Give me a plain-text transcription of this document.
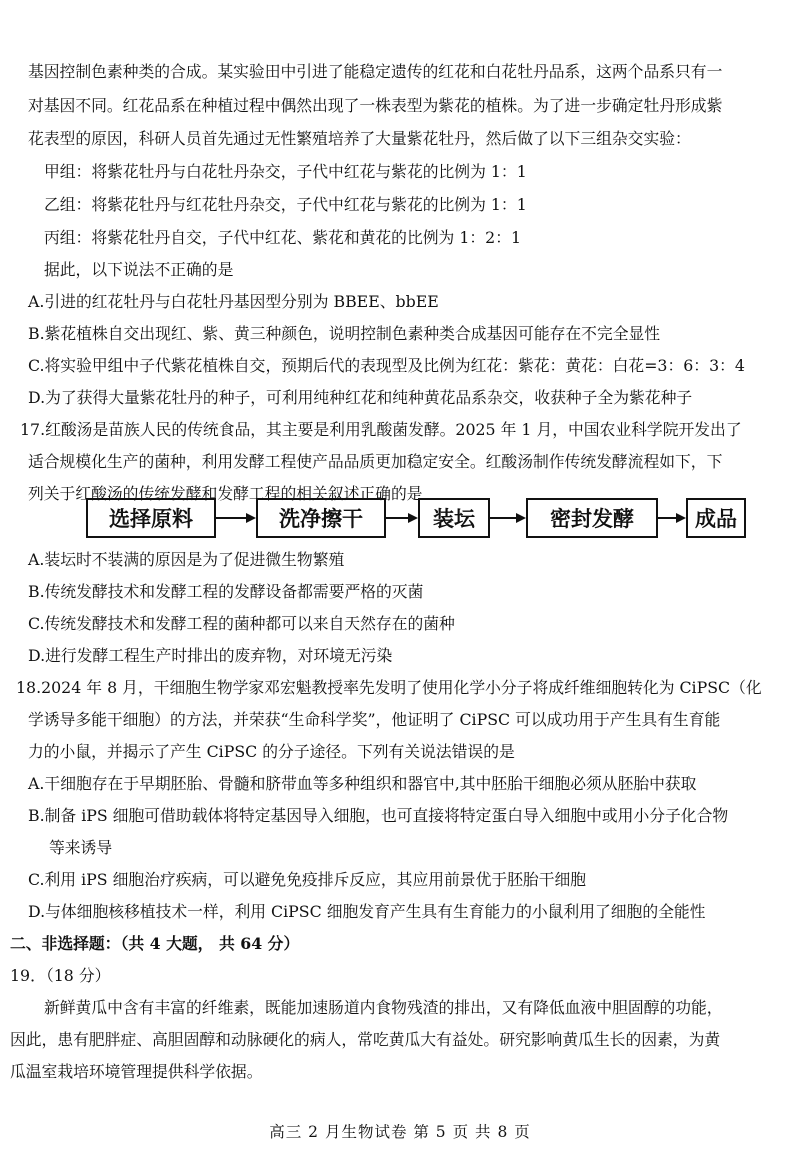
基因控制色素种类的合成。某实验田中引进了能稳定遗传的红花和白花牡丹品系，这两个品系只有一
对基因不同。红花品系在种植过程中偶然出现了一株表型为紫花的植株。为了进一步确定牡丹形成紫
花表型的原因，科研人员首先通过无性繁殖培养了大量紫花牡丹，然后做了以下三组杂交实验：
甲组：将紫花牡丹与白花牡丹杂交，子代中红花与紫花的比例为 1：1
乙组：将紫花牡丹与红花牡丹杂交，子代中红花与紫花的比例为 1：1
丙组：将紫花牡丹自交，子代中红花、紫花和黄花的比例为 1：2：1
据此，以下说法不正确的是
A.引进的红花牡丹与白花牡丹基因型分别为 BBEE、bbEE
B.紫花植株自交出现红、紫、黄三种颜色，说明控制色素种类合成基因可能存在不完全显性
C.将实验甲组中子代紫花植株自交，预期后代的表现型及比例为红花：紫花：黄花：白花=3：6：3：4
D.为了获得大量紫花牡丹的种子，可利用纯种红花和纯种黄花品系杂交，收获种子全为紫花种子
17.红酸汤是苗族人民的传统食品，其主要是利用乳酸菌发酵。2025 年 1 月，中国农业科学院开发出了
适合规模化生产的菌种，利用发酵工程使产品品质更加稳定安全。红酸汤制作传统发酵流程如下，下
列关于红酸汤的传统发酵和发酵工程的相关叙述正确的是
选择原料	洗净擦干	装坛	密封发酵	成品
A.装坛时不装满的原因是为了促进微生物繁殖
B.传统发酵技术和发酵工程的发酵设备都需要严格的灭菌
C.传统发酵技术和发酵工程的菌种都可以来自天然存在的菌种
D.进行发酵工程生产时排出的废弃物，对环境无污染
18.2024 年 8 月，干细胞生物学家邓宏魁教授率先发明了使用化学小分子将成纤维细胞转化为 CiPSC（化
学诱导多能干细胞）的方法，并荣获“生命科学奖”，他证明了 CiPSC 可以成功用于产生具有生育能
力的小鼠，并揭示了产生 CiPSC 的分子途径。下列有关说法错误的是
A.干细胞存在于早期胚胎、骨髓和脐带血等多种组织和器官中,其中胚胎干细胞必须从胚胎中获取
B.制备 iPS 细胞可借助载体将特定基因导入细胞，也可直接将特定蛋白导入细胞中或用小分子化合物
等来诱导
C.利用 iPS 细胞治疗疾病，可以避免免疫排斥反应，其应用前景优于胚胎干细胞
D.与体细胞核移植技术一样，利用 CiPSC 细胞发育产生具有生育能力的小鼠利用了细胞的全能性
二、非选择题：（共 4 大题， 共 64 分）
19．（18 分）
新鲜黄瓜中含有丰富的纤维素，既能加速肠道内食物残渣的排出，又有降低血液中胆固醇的功能，
因此，患有肥胖症、高胆固醇和动脉硬化的病人，常吃黄瓜大有益处。研究影响黄瓜生长的因素，为黄
瓜温室栽培环境管理提供科学依据。
高三 2 月生物试卷 第 5 页 共 8 页
